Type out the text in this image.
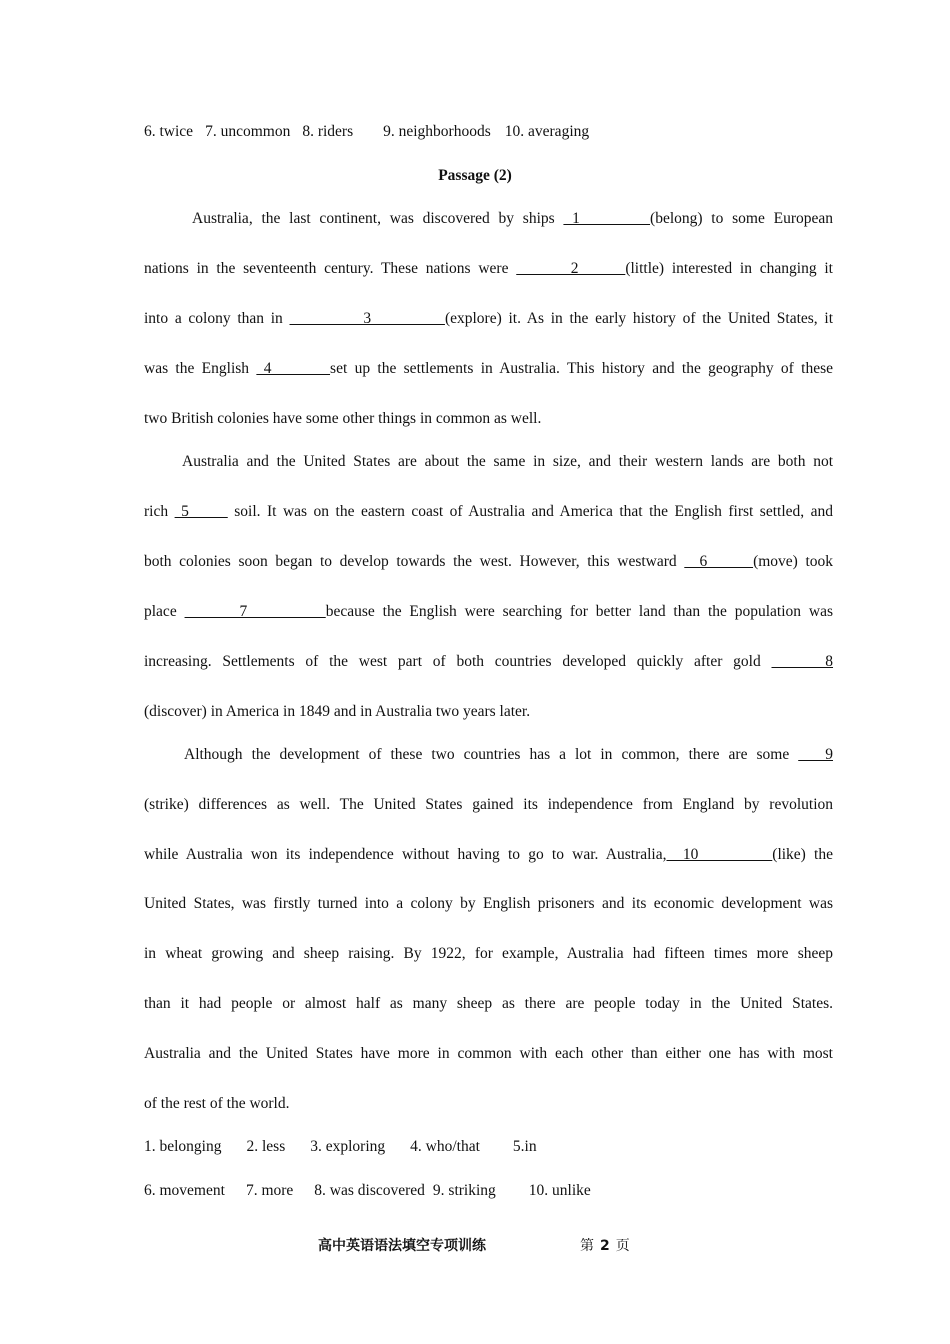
6. twice 7. uncommon 8. riders 9. neighborhoods 10. averaging
Passage (2)
Australia, the last continent, was discovered by ships  1        (belong) to some European
nations in the seventeenth century. These nations were        2      (little) interested in changing it
into a colony than in            3           (explore) it. As in the early history of the United States, it
was the English  4        set up the settlements in Australia. This history and the geography of these
two British colonies have some other things in common as well.
Australia and the United States are about the same in size, and their western lands are both not
rich  5       soil. It was on the eastern coast of Australia and America that the English first settled, and
both colonies soon began to develop towards the west. However, this westward   6      (move) took
place        7          because the English were searching for better land than the population was
increasing. Settlements of the west part of both countries developed quickly after gold      8
(discover) in America in 1849 and in Australia two years later.
Although the development of these two countries has a lot in common, there are some    9
(strike) differences as well. The United States gained its independence from England by revolution
while Australia won its independence without having to go to war. Australia,  10         (like) the
United States, was firstly turned into a colony by English prisoners and its economic development was
in wheat growing and sheep raising. By 1922, for example, Australia had fifteen times more sheep
than it had people or almost half as many sheep as there are people today in the United States.
Australia and the United States have more in common with each other than either one has with most
of the rest of the world.
1. belonging 2. less 3. exploring 4. who/that 5.in
6. movement 7. more 8. was discovered 9. striking 10. unlike
高中英语语法填空专项训练	第 2 页
